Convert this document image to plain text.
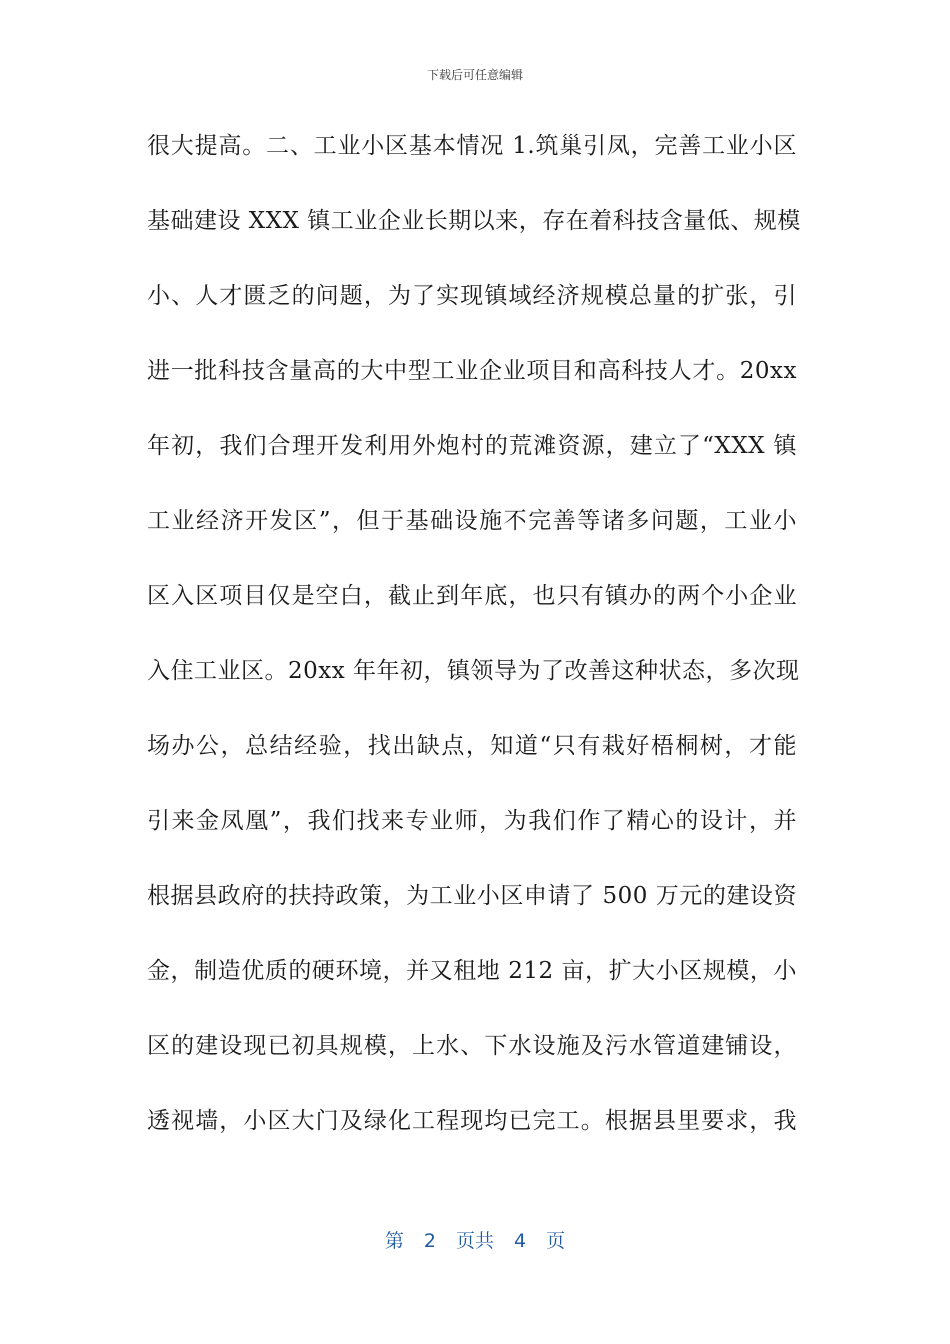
下载后可任意编辑
很大提高。二、工业小区基本情况 1.筑巢引凤，完善工业小区
基础建设 XXX 镇工业企业长期以来，存在着科技含量低、规模
小、人才匮乏的问题，为了实现镇域经济规模总量的扩张，引
进一批科技含量高的大中型工业企业项目和高科技人才。20xx
年初，我们合理开发利用外炮村的荒滩资源，建立了“XXX 镇
工业经济开发区”，但于基础设施不完善等诸多问题，工业小
区入区项目仅是空白，截止到年底，也只有镇办的两个小企业
入住工业区。20xx 年年初，镇领导为了改善这种状态，多次现
场办公，总结经验，找出缺点，知道“只有栽好梧桐树，才能
引来金凤凰”，我们找来专业师，为我们作了精心的设计，并
根据县政府的扶持政策，为工业小区申请了 500 万元的建设资
金，制造优质的硬环境，并又租地 212 亩，扩大小区规模，小
区的建设现已初具规模，上水、下水设施及污水管道建铺设，
透视墙，小区大门及绿化工程现均已完工。根据县里要求，我
第 2 页共 4 页
